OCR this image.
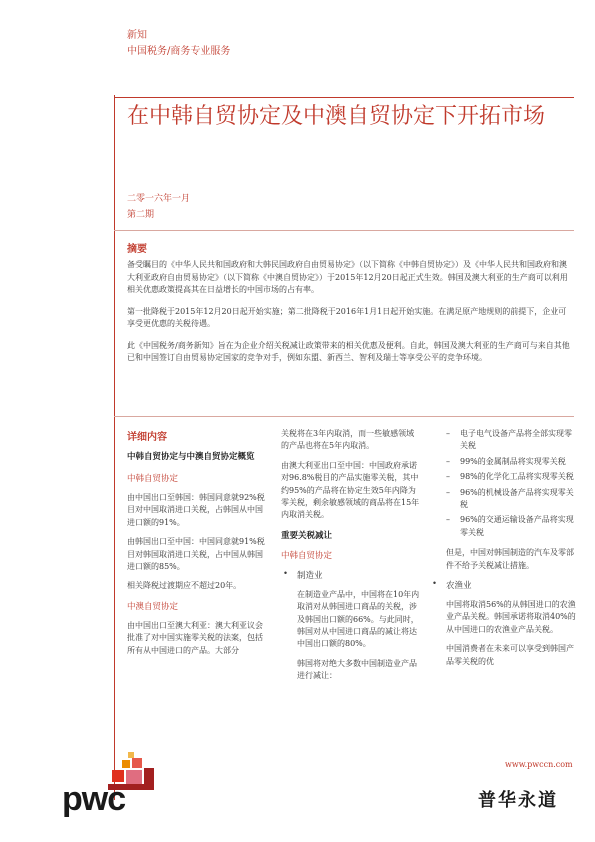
新知
中国税务/商务专业服务
在中韩自贸协定及中澳自贸协定下开拓市场
二零一六年一月
第二期
摘要

备受瞩目的《中华人民共和国政府和大韩民国政府自由贸易协定》（以下简称《中韩自贸协定》）及《中华人民共和国政府和澳大利亚政府自由贸易协定》（以下简称《中澳自贸协定》）于2015年12月20日起正式生效。韩国及澳大利亚的生产商可以利用相关优惠政策提高其在日益增长的中国市场的占有率。

第一批降税于2015年12月20日起开始实施；第二批降税于2016年1月1日起开始实施。在满足原产地规则的前提下，企业可享受更优惠的关税待遇。

此《中国税务/商务新知》旨在为企业介绍关税减让政策带来的相关优惠及便利。自此，韩国及澳大利亚的生产商可与来自其他已和中国签订自由贸易协定国家的竞争对手，例如东盟、新西兰、智利及瑞士等享受公平的竞争环境。

详细内容
中韩自贸协定与中澳自贸协定概览
中韩自贸协定

由中国出口至韩国：韩国同意就92%税目对中国取消进口关税，占韩国从中国进口额的91%。

由韩国出口至中国：中国同意就91%税目对韩国取消进口关税，占中国从韩国进口额的85%。

相关降税过渡期应不超过20年。

中澳自贸协定

由中国出口至澳大利亚：澳大利亚议会批准了对中国实施零关税的法案，包括所有从中国进口的产品。大部分

关税将在3年内取消，而一些敏感领域的产品也将在5年内取消。

由澳大利亚出口至中国：中国政府承诺对96.8%税目的产品实施零关税，其中约95%的产品将在协定生效5年内降为零关税，剩余敏感领域的商品将在15年内取消关税。

重要关税减让
中韩自贸协定
• 制造业

在制造业产品中，中国将在10年内取消对从韩国进口商品的关税，涉及韩国出口额的66%。与此同时，韩国对从中国进口商品的减让将达中国出口额的80%。

韩国将对绝大多数中国制造业产品进行减让：

– 电子电气设备产品将全部实现零关税
– 99%的金属制品将实现零关税
– 98%的化学化工品将实现零关税
– 96%的机械设备产品将实现零关税
– 96%的交通运输设备产品将实现零关税

但是，中国对韩国制造的汽车及零部件不给予关税减让措施。

• 农渔业

中国将取消56%的从韩国进口的农渔业产品关税。韩国承诺将取消40%的从中国进口的农渔业产品关税。

中国消费者在未来可以享受到韩国产品零关税的优

www.pwccn.com
pwc	普华永道
